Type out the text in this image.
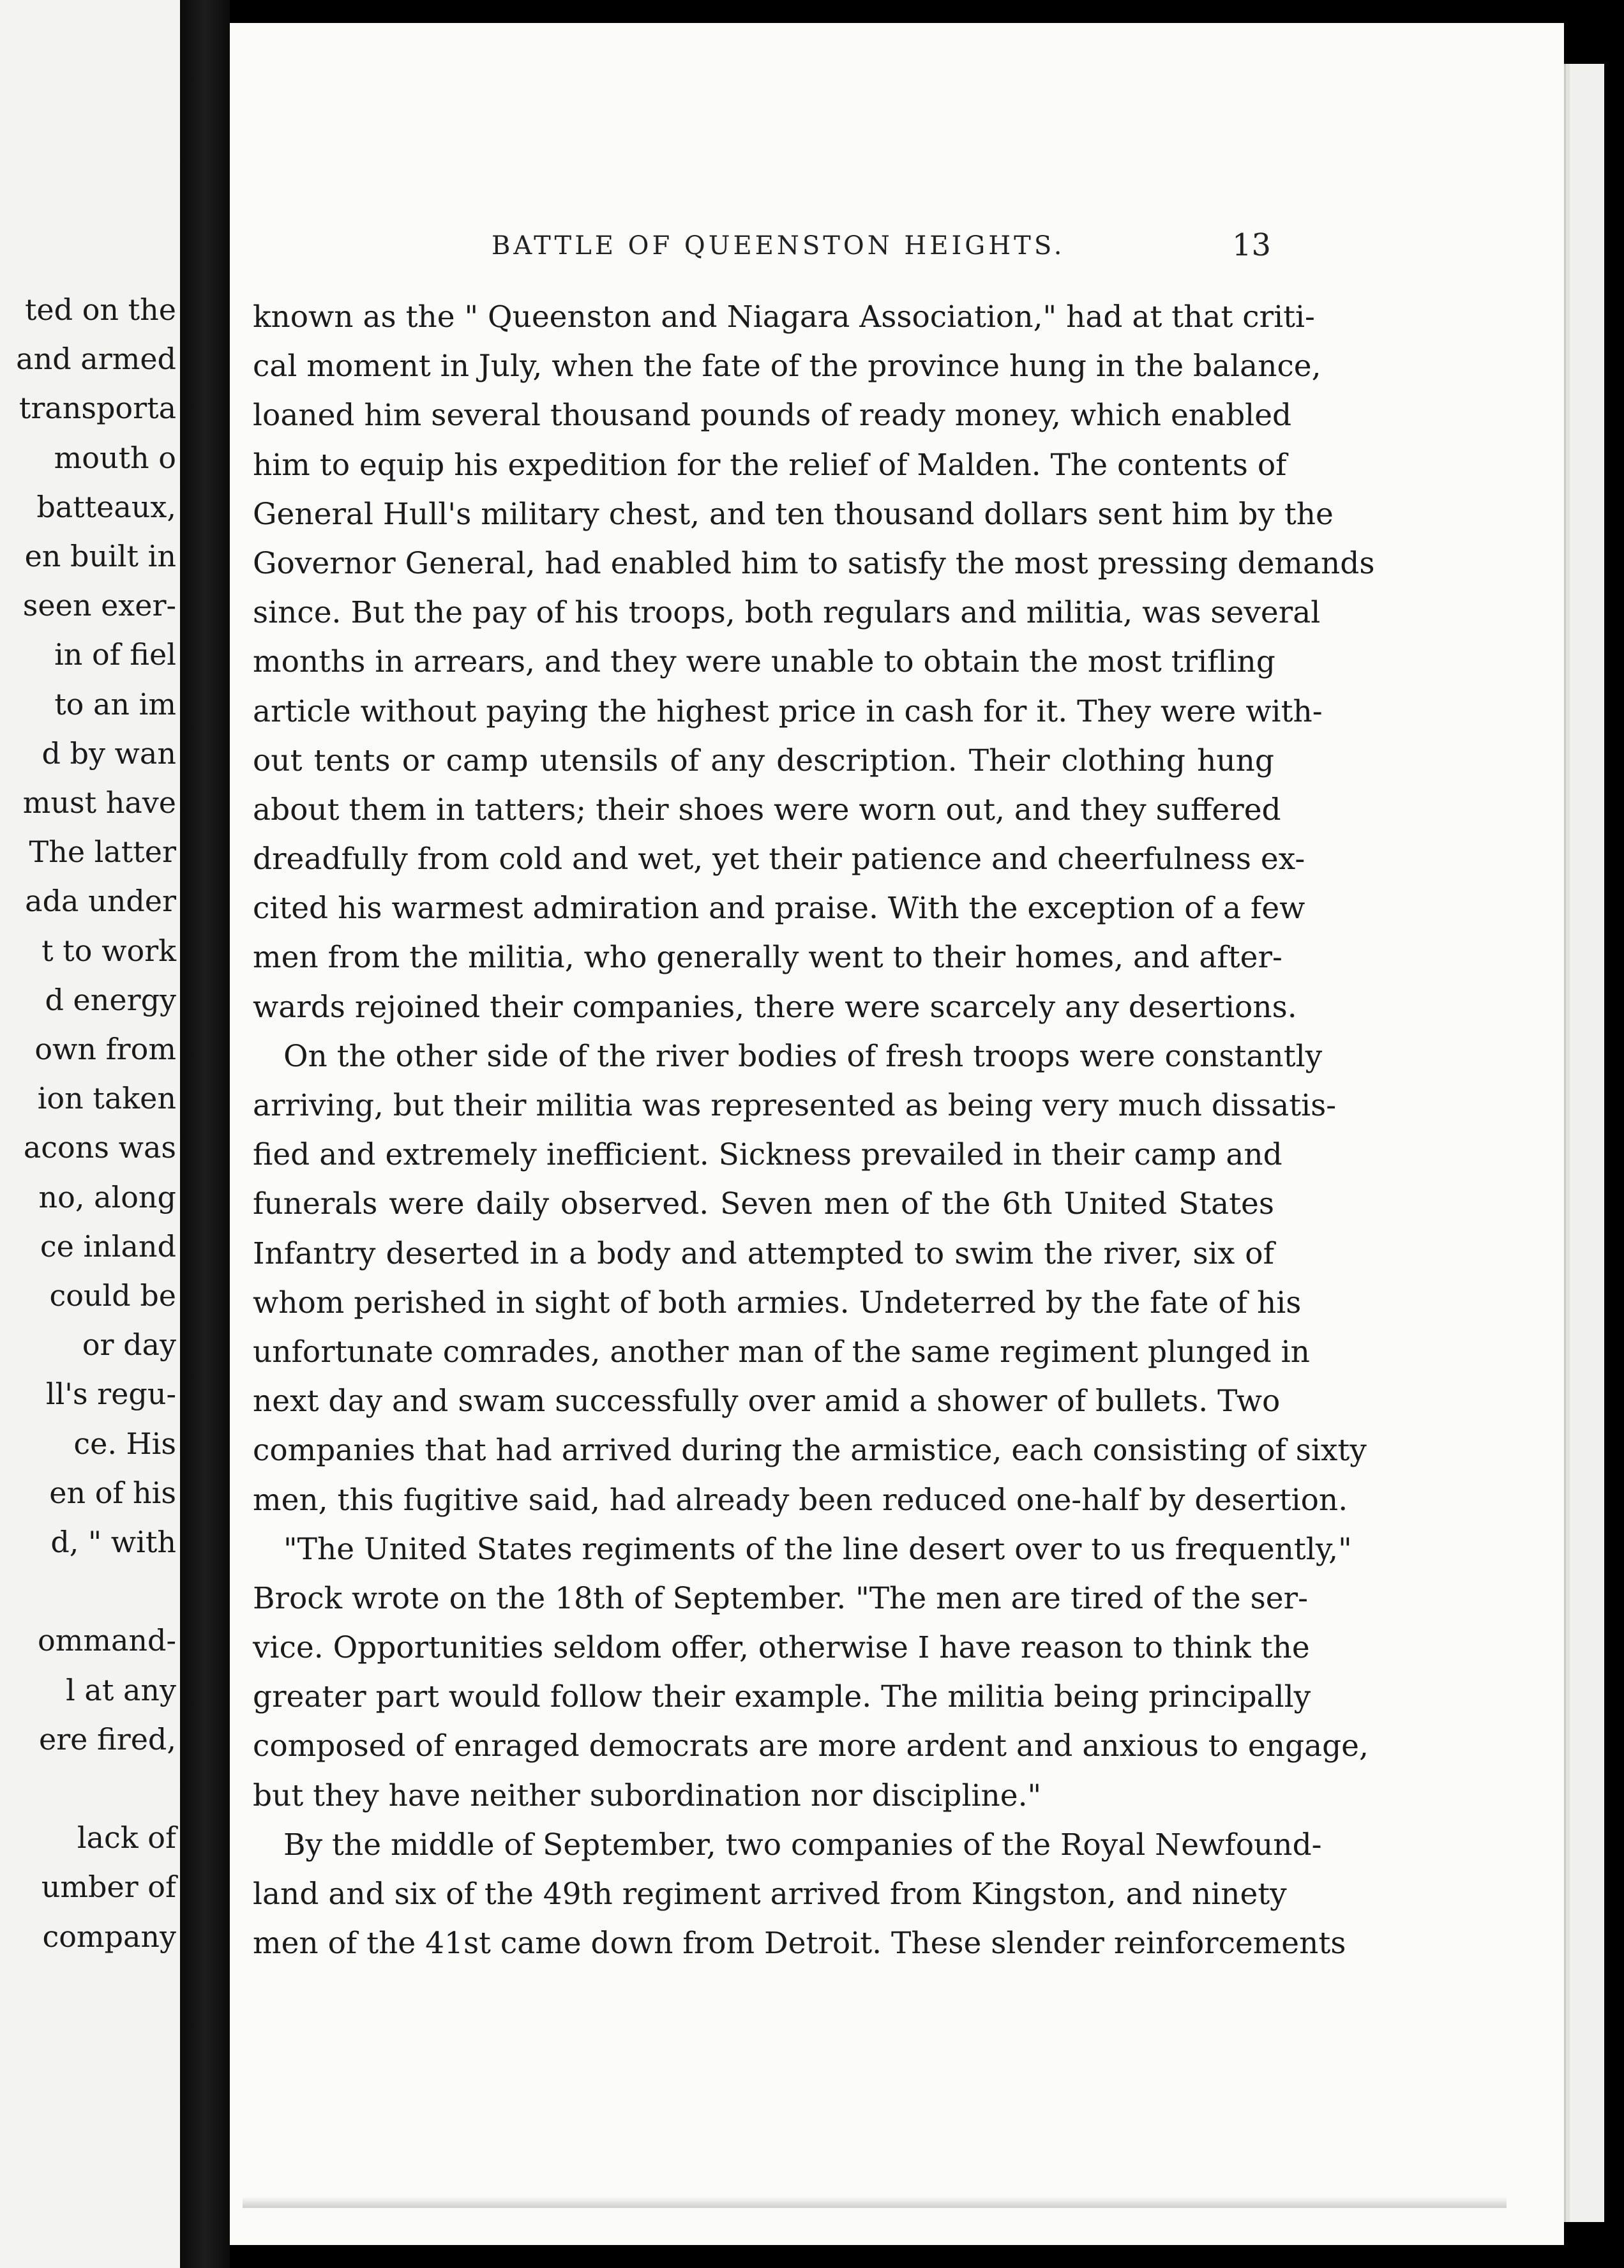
ted on the
and armed
transporta
mouth o
batteaux,
en built in
seen exer-
in of fiel
to an im
d by wan
must have
The latter
ada under
t to work
d energy
own from
ion taken
acons was
no, along
ce inland
could be
or day
ll's regu-
ce. His
en of his
d, " with
ommand-
l at any
ere fired,
lack of
umber of
company
BATTLE OF QUEENSTON HEIGHTS.	13
known as the " Queenston and Niagara Association," had at that criti-
cal moment in July, when the fate of the province hung in the balance,
loaned him several thousand pounds of ready money, which enabled
him to equip his expedition for the relief of Malden. The contents of
General Hull's military chest, and ten thousand dollars sent him by the
Governor General, had enabled him to satisfy the most pressing demands
since. But the pay of his troops, both regulars and militia, was several
months in arrears, and they were unable to obtain the most trifling
article without paying the highest price in cash for it. They were with-
out tents or camp utensils of any description. Their clothing hung
about them in tatters; their shoes were worn out, and they suffered
dreadfully from cold and wet, yet their patience and cheerfulness ex-
cited his warmest admiration and praise. With the exception of a few
men from the militia, who generally went to their homes, and after-
wards rejoined their companies, there were scarcely any desertions.
On the other side of the river bodies of fresh troops were constantly
arriving, but their militia was represented as being very much dissatis-
fied and extremely inefficient. Sickness prevailed in their camp and
funerals were daily observed. Seven men of the 6th United States
Infantry deserted in a body and attempted to swim the river, six of
whom perished in sight of both armies. Undeterred by the fate of his
unfortunate comrades, another man of the same regiment plunged in
next day and swam successfully over amid a shower of bullets. Two
companies that had arrived during the armistice, each consisting of sixty
men, this fugitive said, had already been reduced one-half by desertion.
"The United States regiments of the line desert over to us frequently,"
Brock wrote on the 18th of September. "The men are tired of the ser-
vice. Opportunities seldom offer, otherwise I have reason to think the
greater part would follow their example. The militia being principally
composed of enraged democrats are more ardent and anxious to engage,
but they have neither subordination nor discipline."
By the middle of September, two companies of the Royal Newfound-
land and six of the 49th regiment arrived from Kingston, and ninety
men of the 41st came down from Detroit. These slender reinforcements
